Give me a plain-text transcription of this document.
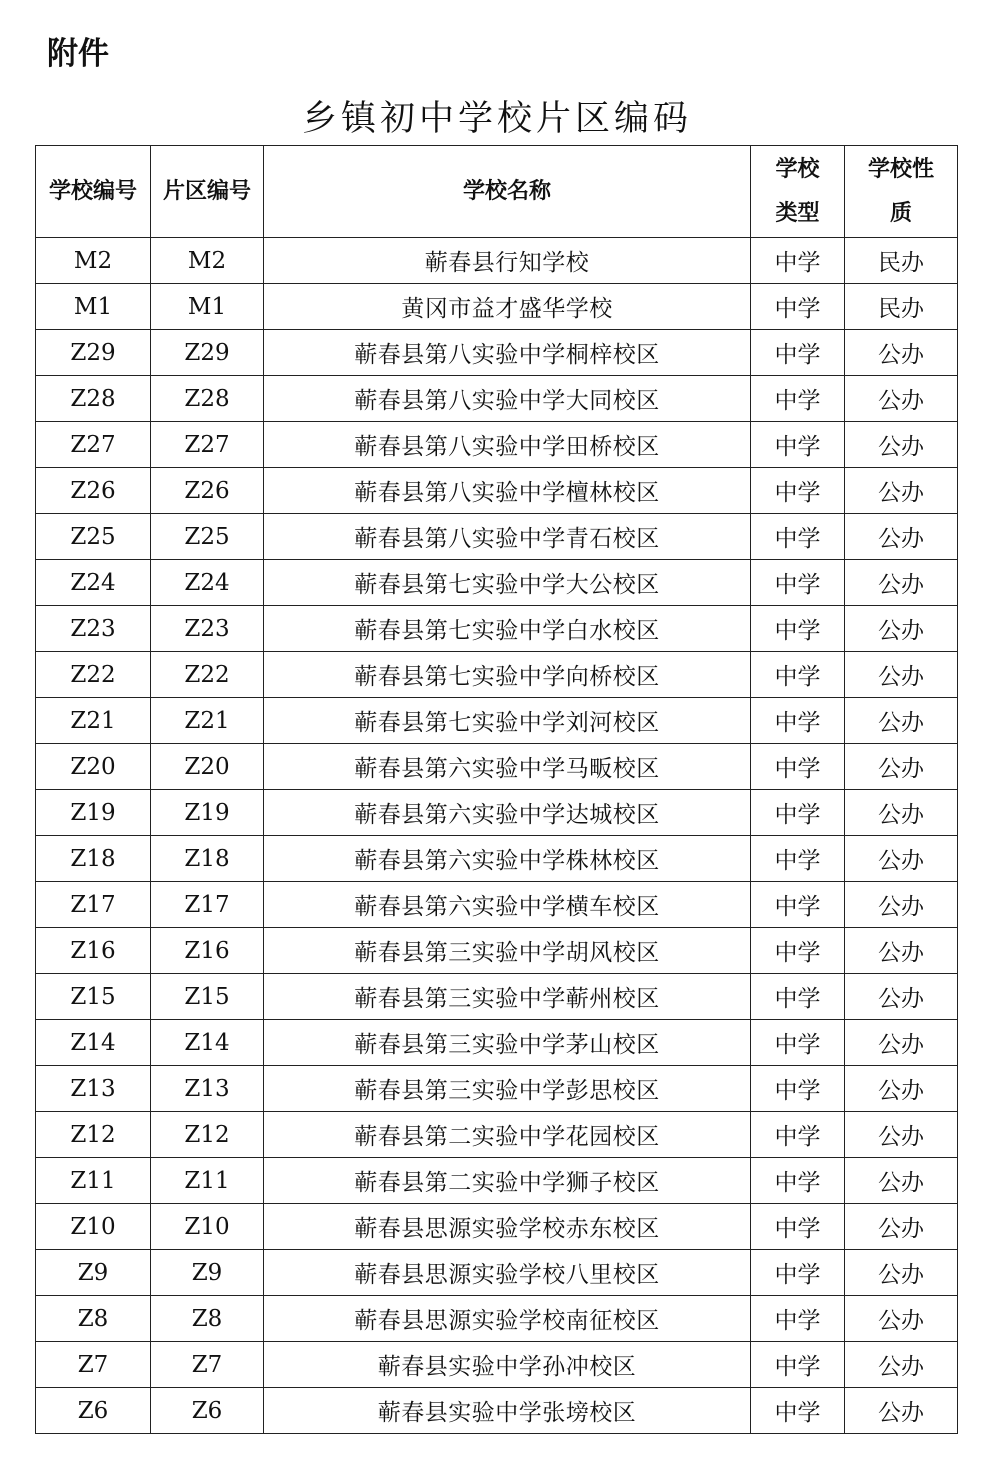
附件
乡镇初中学校片区编码
学校编号	片区编号	学校名称	学校类型	学校性质
M2	M2	蕲春县行知学校	中学	民办
M1	M1	黄冈市益才盛华学校	中学	民办
Z29	Z29	蕲春县第八实验中学桐梓校区	中学	公办
Z28	Z28	蕲春县第八实验中学大同校区	中学	公办
Z27	Z27	蕲春县第八实验中学田桥校区	中学	公办
Z26	Z26	蕲春县第八实验中学檀林校区	中学	公办
Z25	Z25	蕲春县第八实验中学青石校区	中学	公办
Z24	Z24	蕲春县第七实验中学大公校区	中学	公办
Z23	Z23	蕲春县第七实验中学白水校区	中学	公办
Z22	Z22	蕲春县第七实验中学向桥校区	中学	公办
Z21	Z21	蕲春县第七实验中学刘河校区	中学	公办
Z20	Z20	蕲春县第六实验中学马畈校区	中学	公办
Z19	Z19	蕲春县第六实验中学达城校区	中学	公办
Z18	Z18	蕲春县第六实验中学株林校区	中学	公办
Z17	Z17	蕲春县第六实验中学横车校区	中学	公办
Z16	Z16	蕲春县第三实验中学胡风校区	中学	公办
Z15	Z15	蕲春县第三实验中学蕲州校区	中学	公办
Z14	Z14	蕲春县第三实验中学茅山校区	中学	公办
Z13	Z13	蕲春县第三实验中学彭思校区	中学	公办
Z12	Z12	蕲春县第二实验中学花园校区	中学	公办
Z11	Z11	蕲春县第二实验中学狮子校区	中学	公办
Z10	Z10	蕲春县思源实验学校赤东校区	中学	公办
Z9	Z9	蕲春县思源实验学校八里校区	中学	公办
Z8	Z8	蕲春县思源实验学校南征校区	中学	公办
Z7	Z7	蕲春县实验中学孙冲校区	中学	公办
Z6	Z6	蕲春县实验中学张塝校区	中学	公办
